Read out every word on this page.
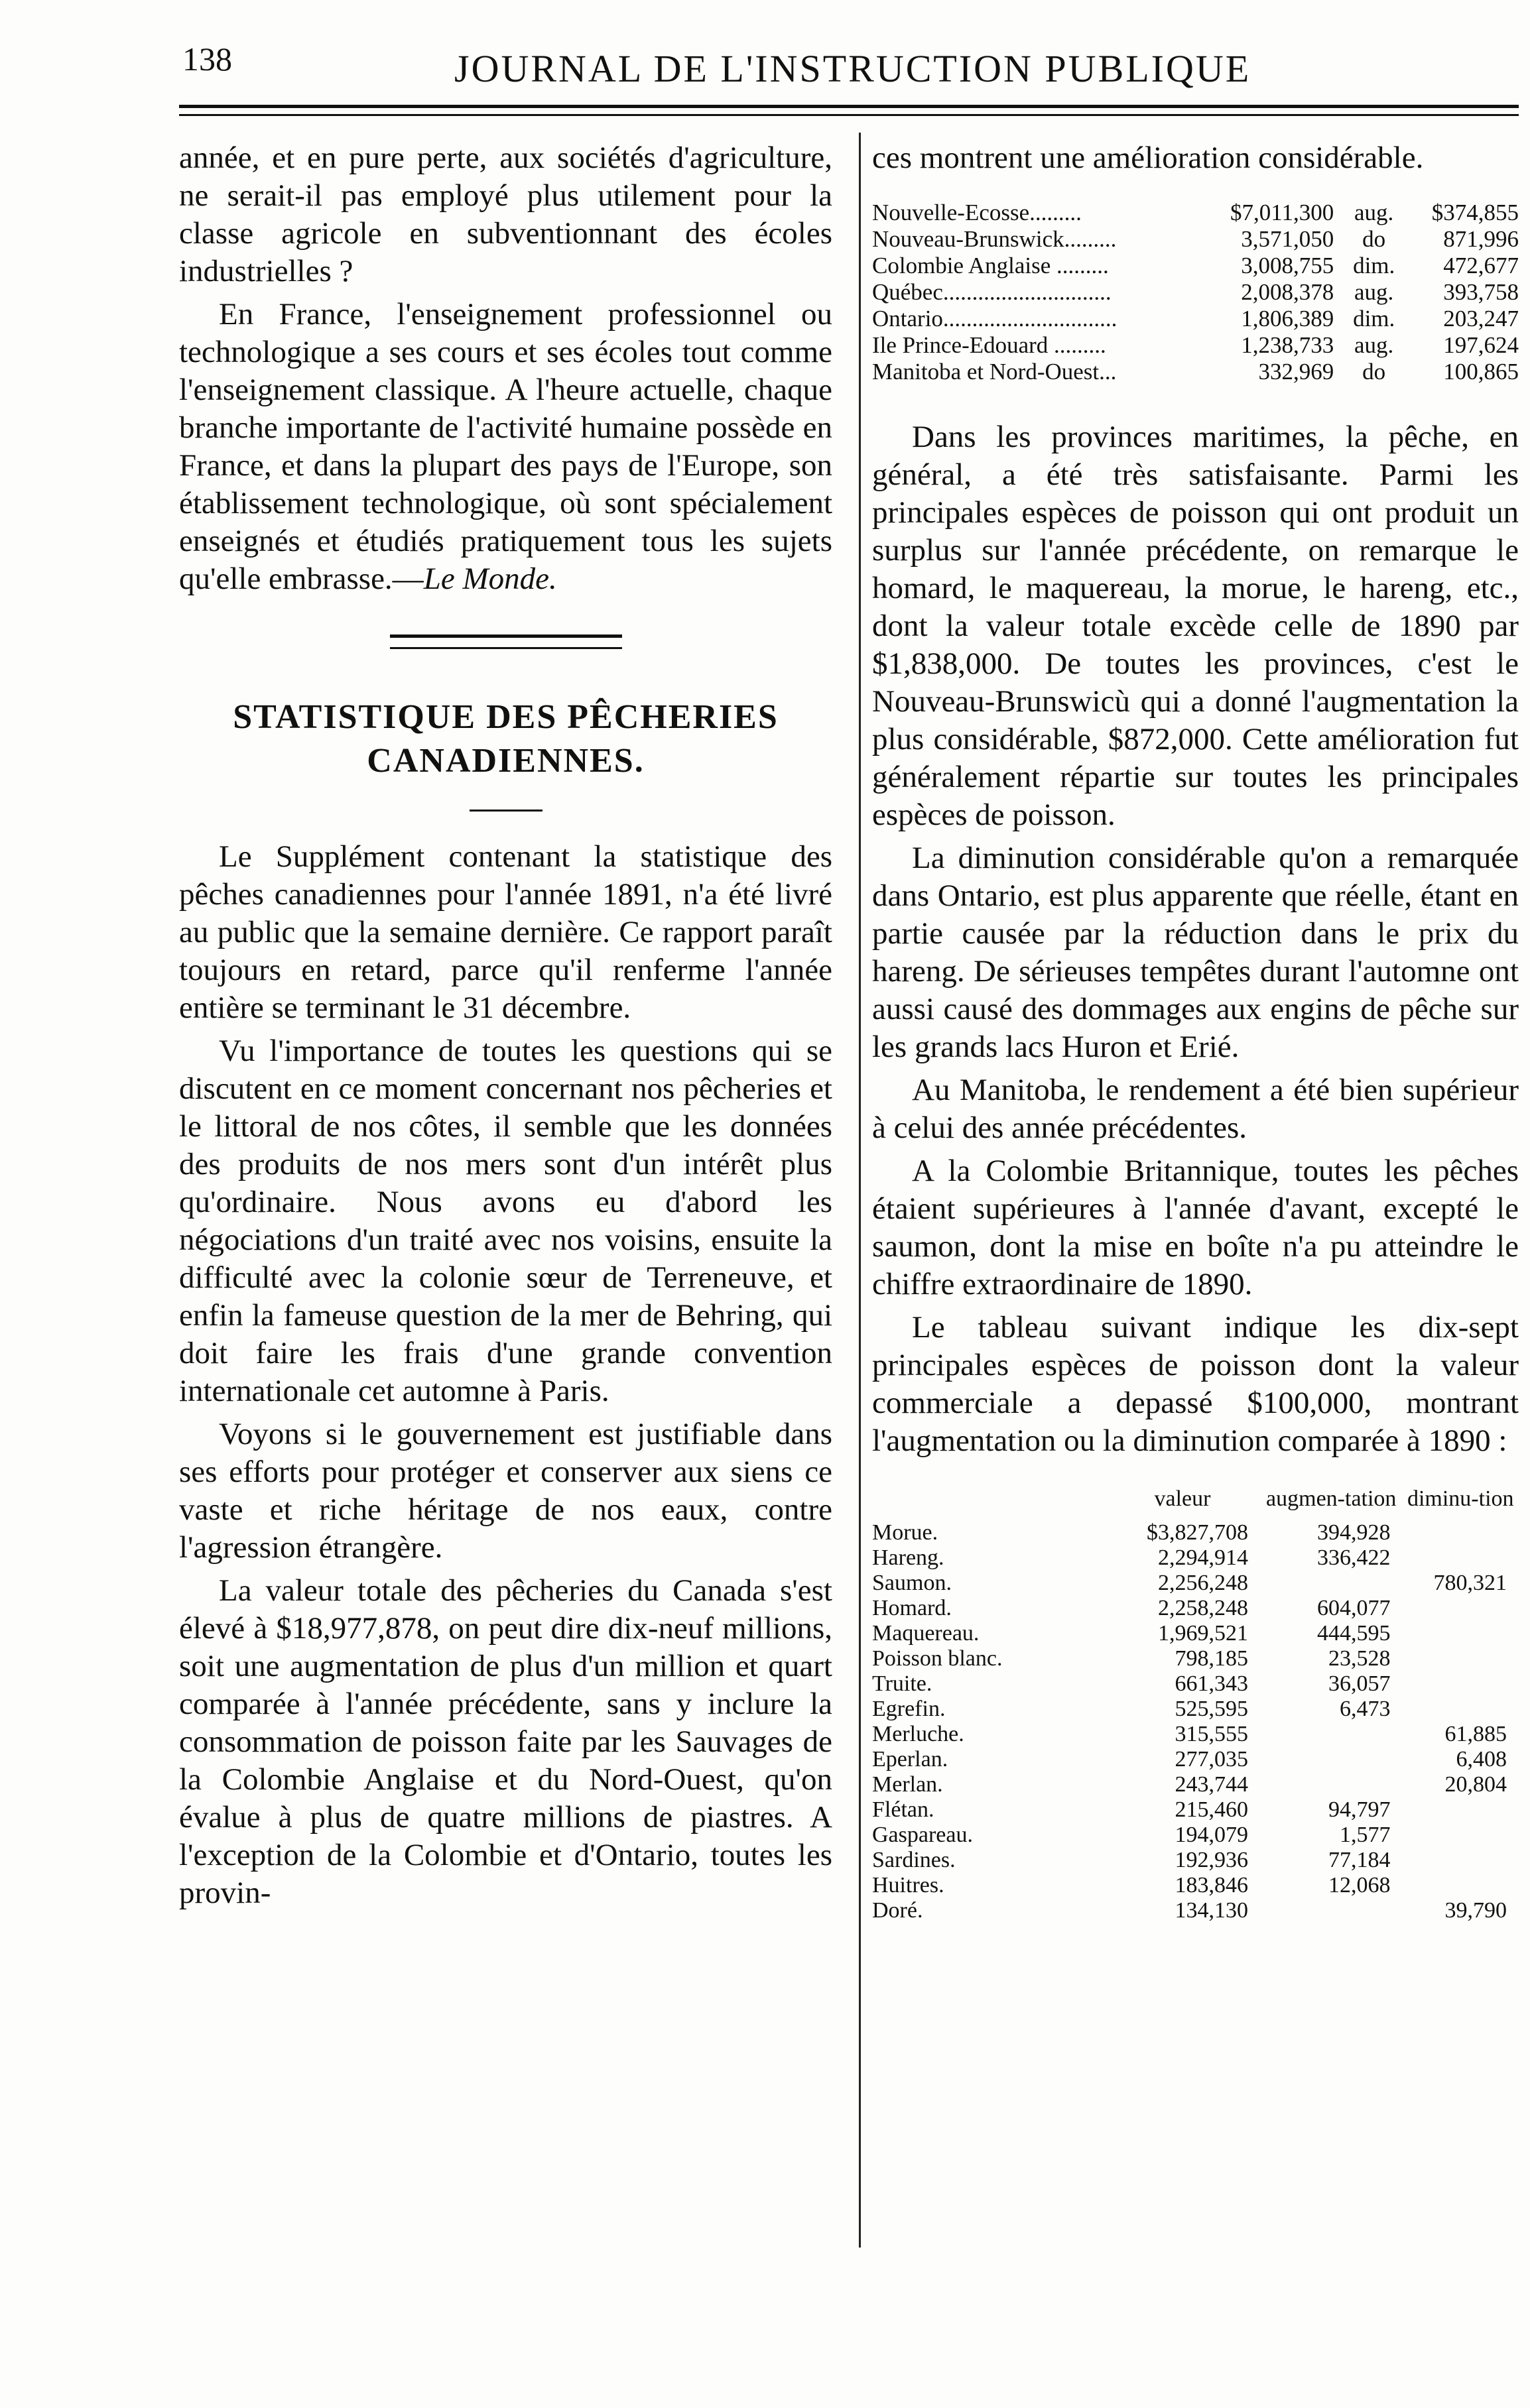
138	JOURNAL DE L'INSTRUCTION PUBLIQUE

année, et en pure perte, aux sociétés d'agriculture, ne serait-il pas employé plus utilement pour la classe agricole en subventionnant des écoles industrielles ?

En France, l'enseignement professionnel ou technologique a ses cours et ses écoles tout comme l'enseignement classique. A l'heure actuelle, chaque branche importante de l'activité humaine possède en France, et dans la plupart des pays de l'Europe, son établissement technologique, où sont spécialement enseignés et étudiés pratiquement tous les sujets qu'elle embrasse.—Le Monde.

STATISTIQUE DES PÊCHERIES
CANADIENNES.

Le Supplément contenant la statistique des pêches canadiennes pour l'année 1891, n'a été livré au public que la semaine dernière. Ce rapport paraît toujours en retard, parce qu'il renferme l'année entière se terminant le 31 décembre.

Vu l'importance de toutes les questions qui se discutent en ce moment concernant nos pêcheries et le littoral de nos côtes, il semble que les données des produits de nos mers sont d'un intérêt plus qu'ordinaire. Nous avons eu d'abord les négociations d'un traité avec nos voisins, ensuite la difficulté avec la colonie sœur de Terreneuve, et enfin la fameuse question de la mer de Behring, qui doit faire les frais d'une grande convention internationale cet automne à Paris.

Voyons si le gouvernement est justifiable dans ses efforts pour protéger et conserver aux siens ce vaste et riche héritage de nos eaux, contre l'agression étrangère.

La valeur totale des pêcheries du Canada s'est élevé à $18,977,878, on peut dire dix-neuf millions, soit une augmentation de plus d'un million et quart comparée à l'année précédente, sans y inclure la consommation de poisson faite par les Sauvages de la Colombie Anglaise et du Nord-Ouest, qu'on évalue à plus de quatre millions de piastres. A l'exception de la Colombie et d'Ontario, toutes les provin-

ces montrent une amélioration considérable.

Nouvelle-Ecosse.........	$7,011,300	aug.	$374,855
Nouveau-Brunswick.........	3,571,050	do	871,996
Colombie Anglaise .........	3,008,755	dim.	472,677
Québec.............................	2,008,378	aug.	393,758
Ontario..............................	1,806,389	dim.	203,247
Ile Prince-Edouard .........	1,238,733	aug.	197,624
Manitoba et Nord-Ouest...	332,969	do	100,865

Dans les provinces maritimes, la pêche, en général, a été très satisfaisante. Parmi les principales espèces de poisson qui ont produit un surplus sur l'année précédente, on remarque le homard, le maquereau, la morue, le hareng, etc., dont la valeur totale excède celle de 1890 par $1,838,000. De toutes les provinces, c'est le Nouveau-Brunswicù qui a donné l'augmentation la plus considérable, $872,000. Cette amélioration fut généralement répartie sur toutes les principales espèces de poisson.

La diminution considérable qu'on a remarquée dans Ontario, est plus apparente que réelle, étant en partie causée par la réduction dans le prix du hareng. De sérieuses tempêtes durant l'automne ont aussi causé des dommages aux engins de pêche sur les grands lacs Huron et Erié.

Au Manitoba, le rendement a été bien supérieur à celui des année précédentes.

A la Colombie Britannique, toutes les pêches étaient supérieures à l'année d'avant, excepté le saumon, dont la mise en boîte n'a pu atteindre le chiffre extraordinaire de 1890.

Le tableau suivant indique les dix-sept principales espèces de poisson dont la valeur commerciale a depassé $100,000, montrant l'augmentation ou la diminution comparée à 1890 :

	valeur	augmen-tation	diminu-tion
Morue.	$3,827,708	394,928	
Hareng.	2,294,914	336,422	
Saumon.	2,256,248		780,321
Homard.	2,258,248	604,077	
Maquereau.	1,969,521	444,595	
Poisson blanc.	798,185	23,528	
Truite.	661,343	36,057	
Egrefin.	525,595	6,473	
Merluche.	315,555		61,885
Eperlan.	277,035		6,408
Merlan.	243,744		20,804
Flétan.	215,460	94,797	
Gaspareau.	194,079	1,577	
Sardines.	192,936	77,184	
Huitres.	183,846	12,068	
Doré.	134,130		39,790
